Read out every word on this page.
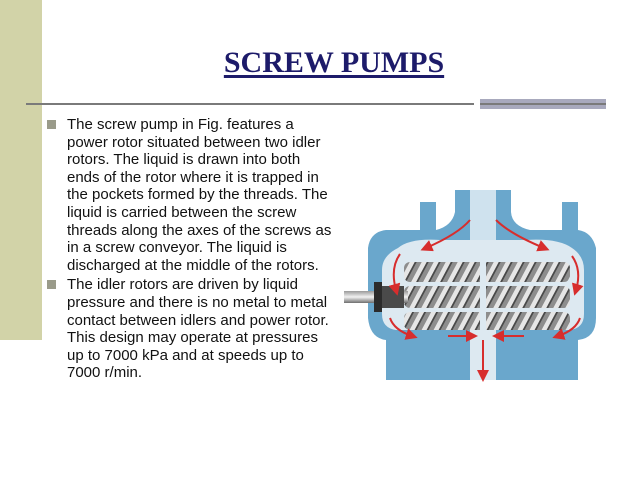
SCREW PUMPS
The screw pump in Fig. features a power rotor situated between two idler rotors. The liquid is drawn into both ends of the rotor where it is trapped in the pockets formed by the threads. The liquid is carried between the screw threads along the axes of the screws as in a screw conveyor. The liquid is discharged at the middle of the rotors.
The idler rotors are driven by liquid pressure and there is no metal to metal contact between idlers and power rotor. This design may operate at pressures up to 7000 kPa and at speeds up to 7000 r/min.
